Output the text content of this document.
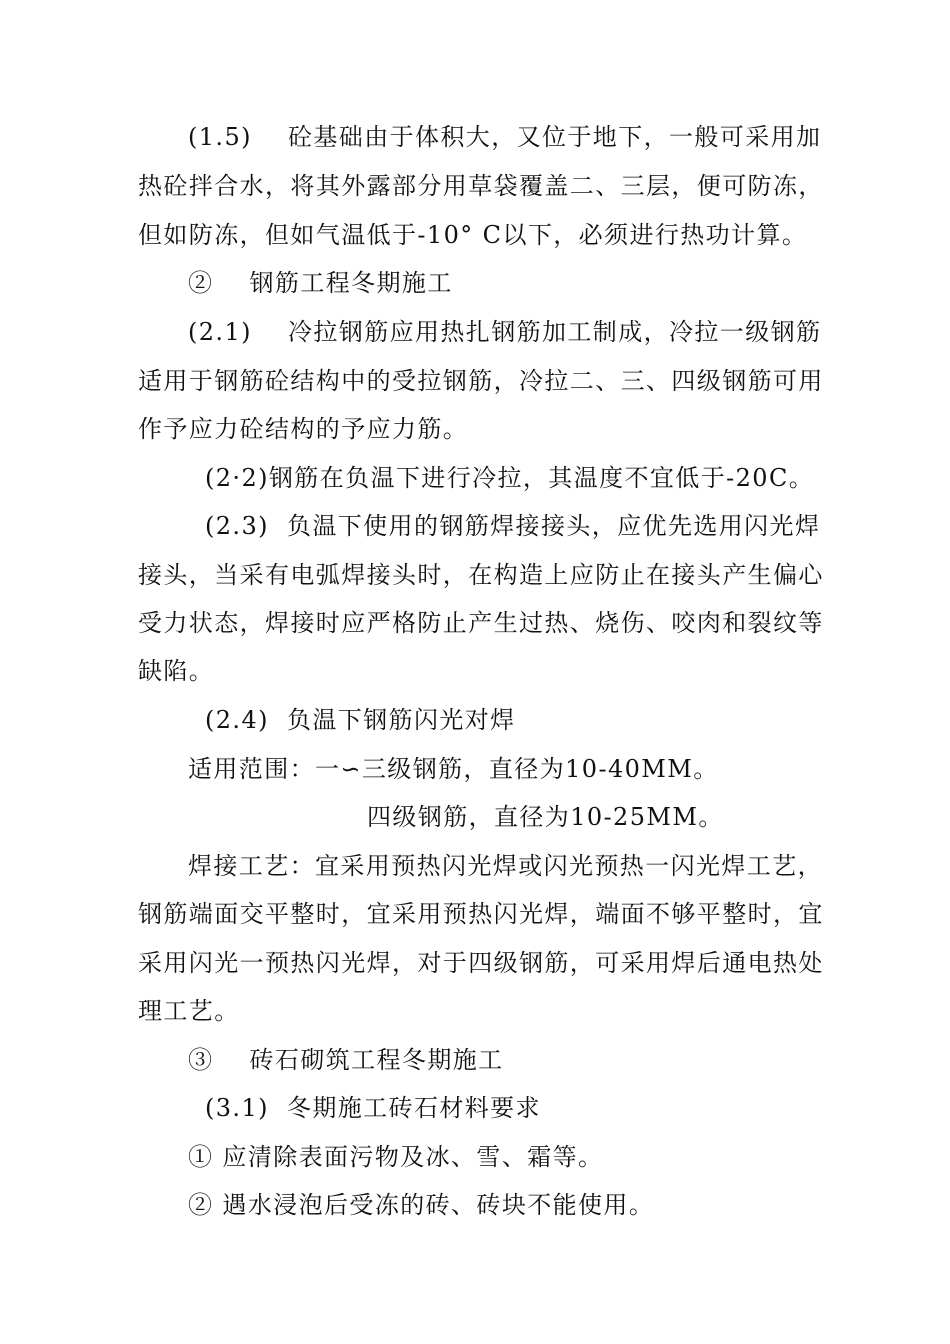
(1.5)    砼基础由于体积大，又位于地下，一般可采用加
热砼拌合水，将其外露部分用草袋覆盖二、三层，便可防冻，
但如防冻，但如气温低于-10° C以下，必须进行热功计算。
②    钢筋工程冬期施工
(2.1)    冷拉钢筋应用热扎钢筋加工制成，冷拉一级钢筋
适用于钢筋砼结构中的受拉钢筋，冷拉二、三、四级钢筋可用
作予应力砼结构的予应力筋。
(2·2)钢筋在负温下进行冷拉，其温度不宜低于-20C。
(2.3)  负温下使用的钢筋焊接接头，应优先选用闪光焊
接头，当采有电弧焊接头时，在构造上应防止在接头产生偏心
受力状态，焊接时应严格防止产生过热、烧伤、咬肉和裂纹等
缺陷。
(2.4)  负温下钢筋闪光对焊
适用范围：一∽三级钢筋，直径为10-40MM。
四级钢筋，直径为10-25MM。
焊接工艺：宜采用预热闪光焊或闪光预热一闪光焊工艺，
钢筋端面交平整时，宜采用预热闪光焊，端面不够平整时，宜
采用闪光一预热闪光焊，对于四级钢筋，可采用焊后通电热处
理工艺。
③    砖石砌筑工程冬期施工
(3.1)  冬期施工砖石材料要求
① 应清除表面污物及冰、雪、霜等。
② 遇水浸泡后受冻的砖、砖块不能使用。
